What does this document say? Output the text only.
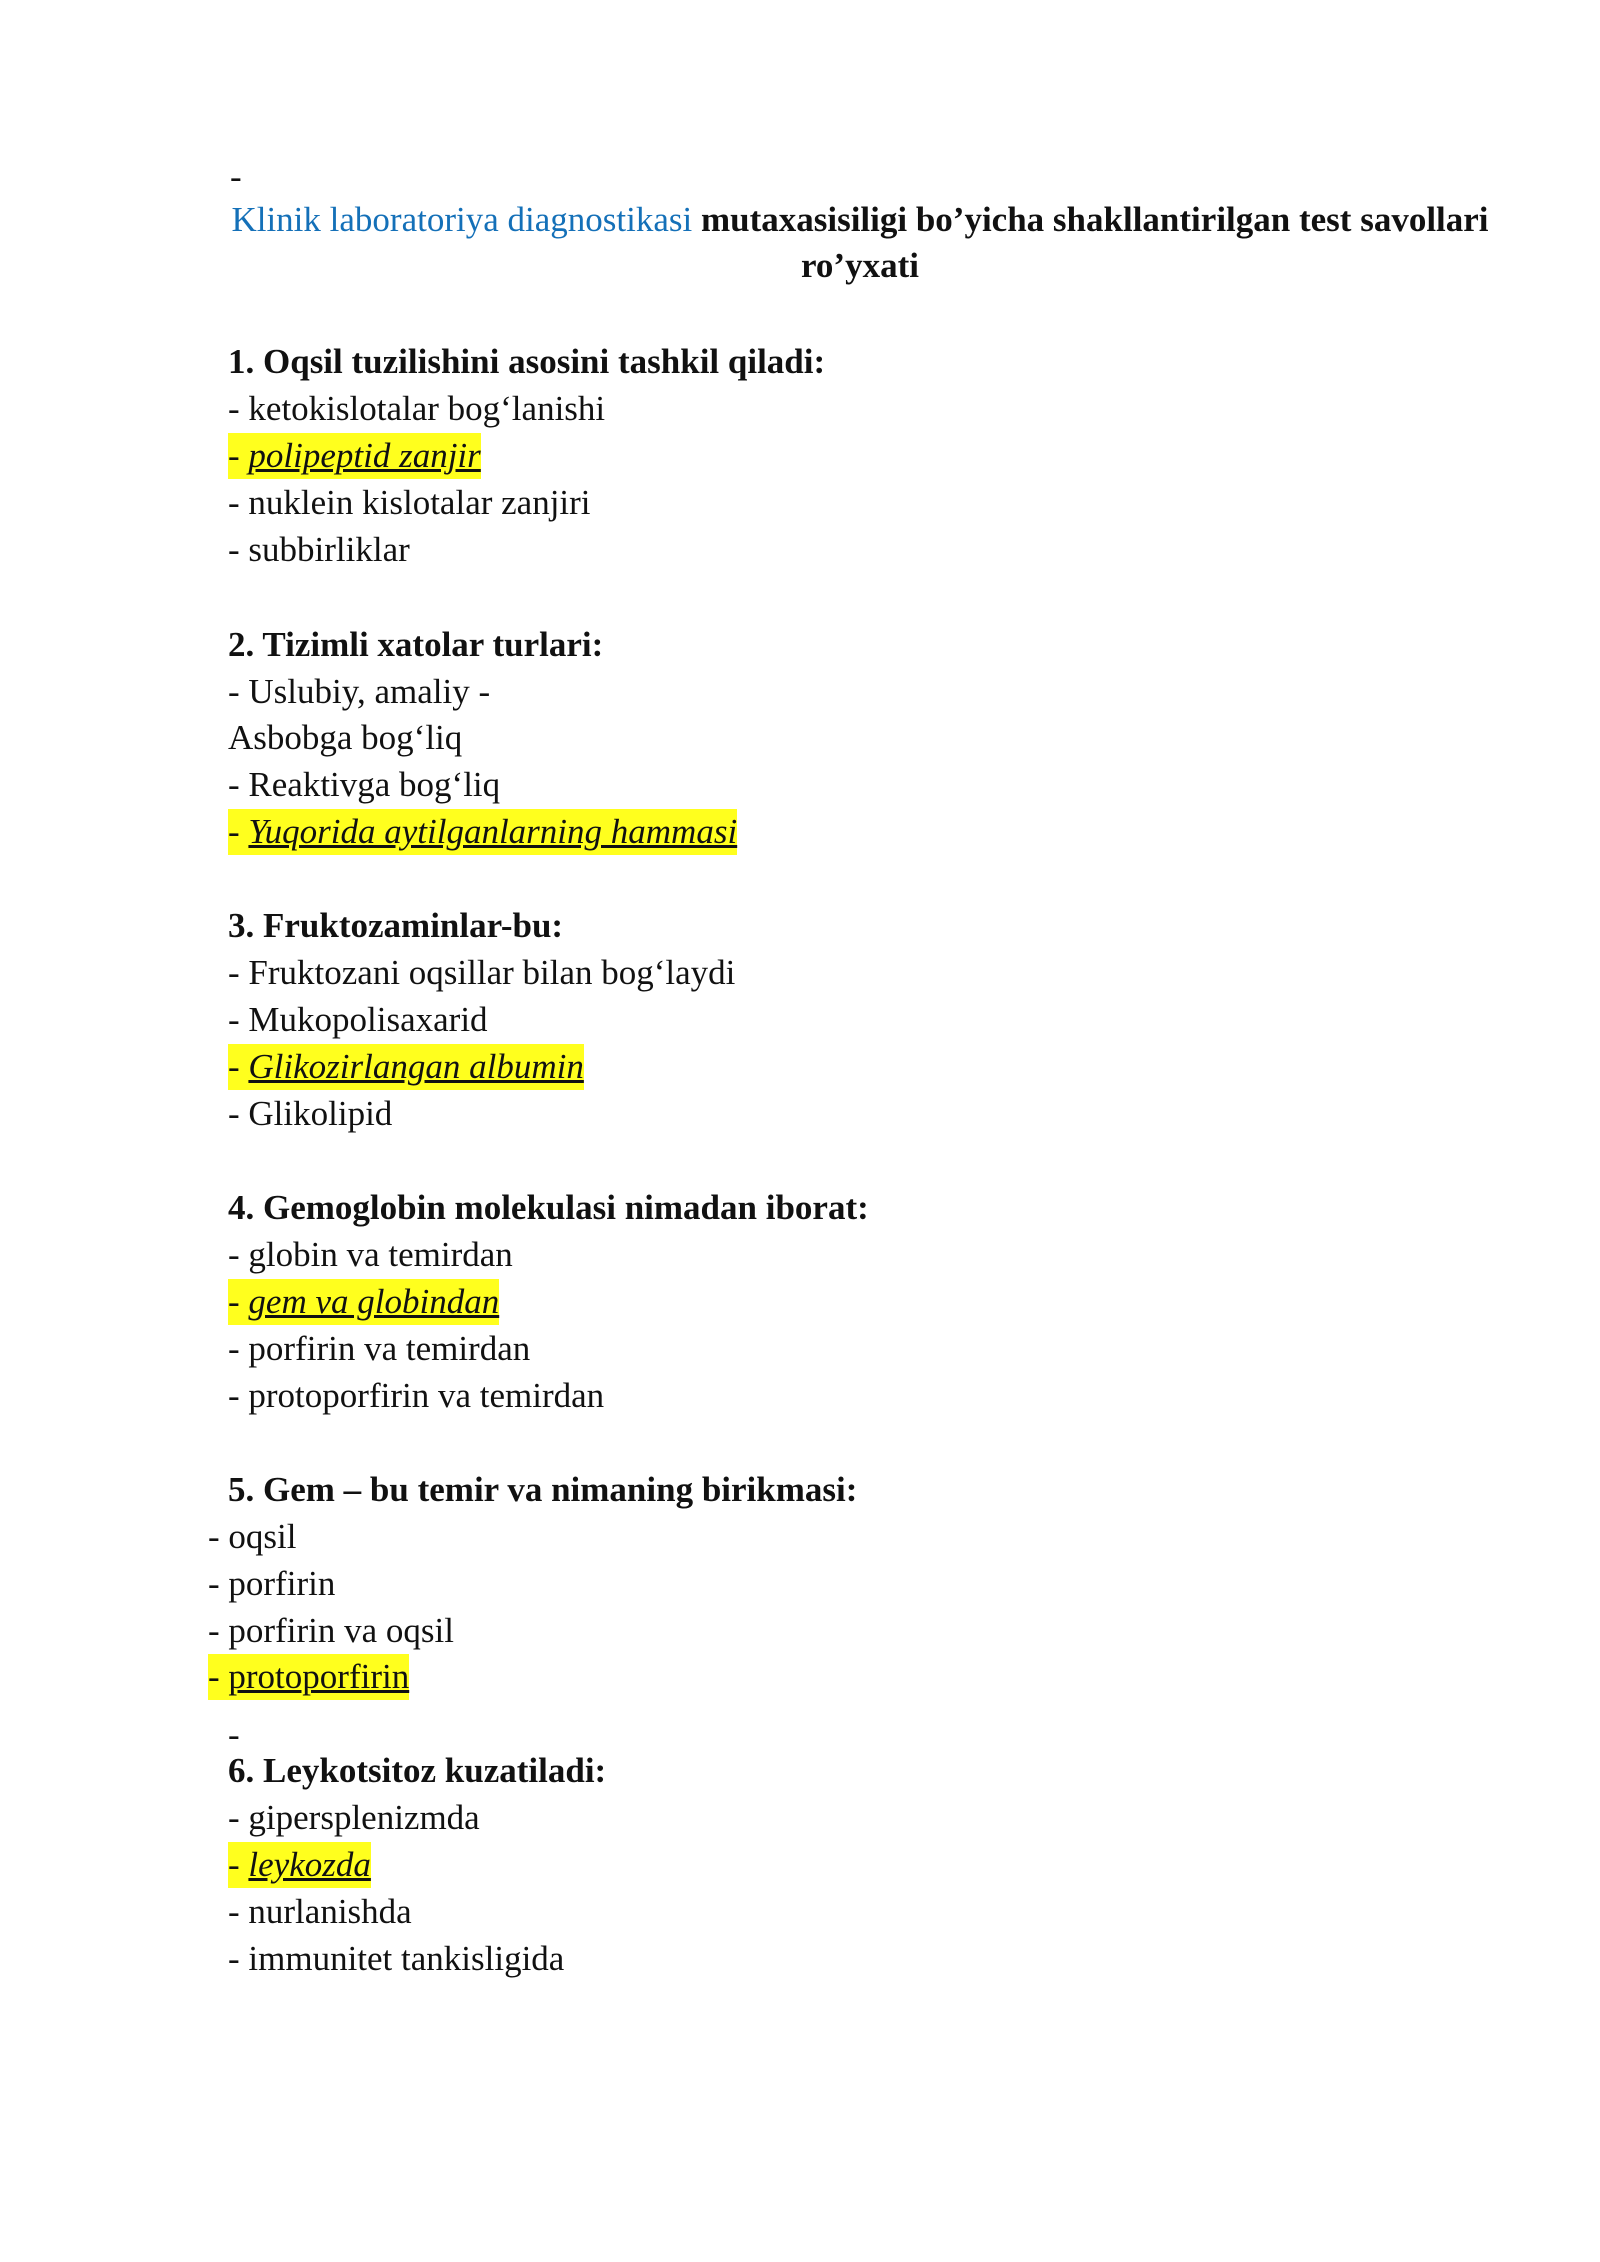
-
Klinik laboratoriya diagnostikasi mutaxasisiligi bo’yicha shakllantirilgan test savollari ro’yxati
1. Oqsil tuzilishini asosini tashkil qiladi:
- ketokislotalar bog‘lanishi
- polipeptid zanjir
- nuklein kislotalar zanjiri
- subbirliklar
2. Tizimli xatolar turlari:
- Uslubiy, amaliy -
Asbobga bog‘liq
- Reaktivga bog‘liq
- Yuqorida aytilganlarning hammasi
3. Fruktozaminlar-bu:
- Fruktozani oqsillar bilan bog‘laydi
- Mukopolisaxarid
- Glikozirlangan albumin
- Glikolipid
4. Gemoglobin molekulasi nimadan iborat:
- globin va temirdan
- gem va globindan
- porfirin va temirdan
- protoporfirin va temirdan
5. Gem – bu temir va nimaning birikmasi:
- oqsil
- porfirin
- porfirin va oqsil
- protoporfirin
-
6. Leykotsitoz kuzatiladi:
- gipersplenizmda
- leykozda
- nurlanishda
- immunitet tankisligida
